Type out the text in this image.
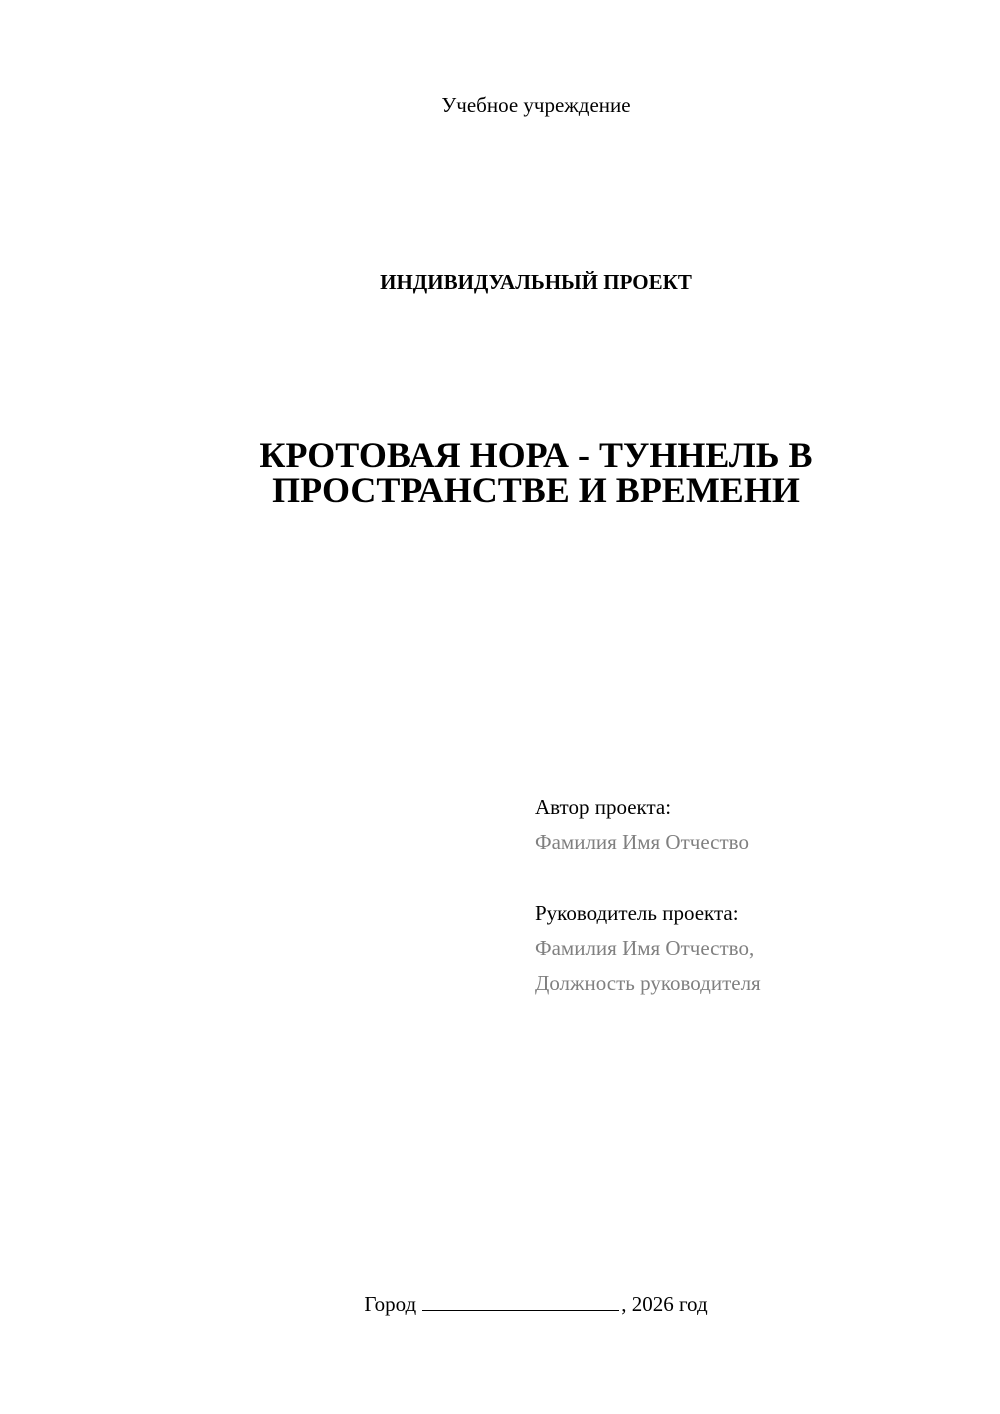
Учебное учреждение
ИНДИВИДУАЛЬНЫЙ ПРОЕКТ
КРОТОВАЯ НОРА - ТУННЕЛЬ В
ПРОСТРАНСТВЕ И ВРЕМЕНИ
Автор проекта:
Фамилия Имя Отчество
Руководитель проекта:
Фамилия Имя Отчество,
Должность руководителя
Город	, 2026 год
